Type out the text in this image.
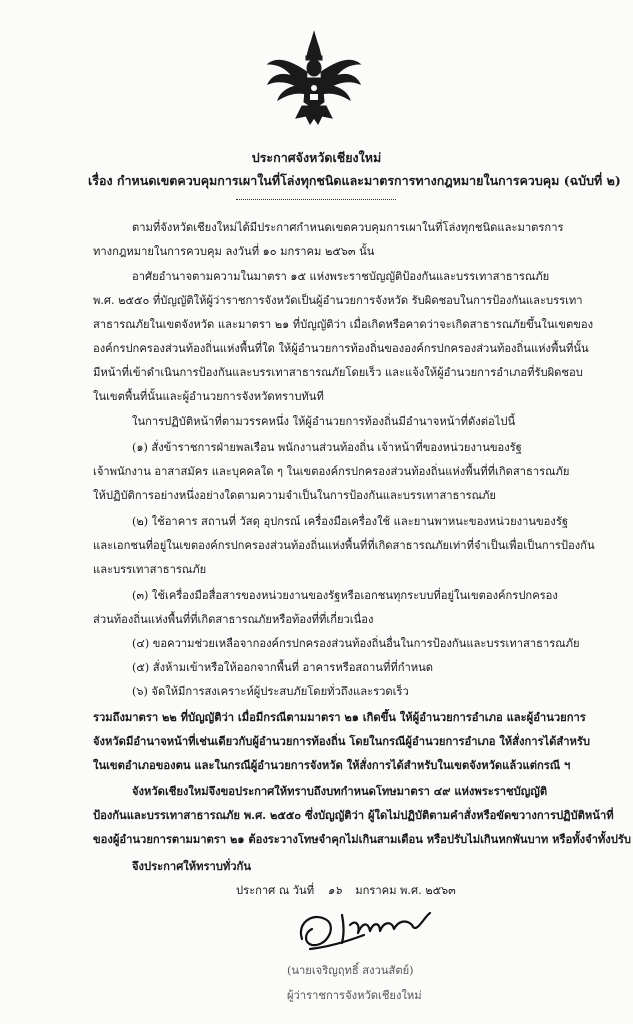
ประกาศจังหวัดเชียงใหม่
เรื่อง กำหนดเขตควบคุมการเผาในที่โล่งทุกชนิดและมาตรการทางกฎหมายในการควบคุม (ฉบับที่ ๒)
ตามที่จังหวัดเชียงใหม่ได้มีประกาศกำหนดเขตควบคุมการเผาในที่โล่งทุกชนิดและมาตรการ
ทางกฎหมายในการควบคุม ลงวันที่ ๑๐ มกราคม ๒๕๖๓ นั้น
อาศัยอำนาจตามความในมาตรา ๑๕ แห่งพระราชบัญญัติป้องกันและบรรเทาสาธารณภัย
พ.ศ. ๒๕๕๐ ที่บัญญัติให้ผู้ว่าราชการจังหวัดเป็นผู้อำนวยการจังหวัด รับผิดชอบในการป้องกันและบรรเทา
สาธารณภัยในเขตจังหวัด และมาตรา ๒๑ ที่บัญญัติว่า เมื่อเกิดหรือคาดว่าจะเกิดสาธารณภัยขึ้นในเขตของ
องค์กรปกครองส่วนท้องถิ่นแห่งพื้นที่ใด ให้ผู้อำนวยการท้องถิ่นขององค์กรปกครองส่วนท้องถิ่นแห่งพื้นที่นั้น
มีหน้าที่เข้าดำเนินการป้องกันและบรรเทาสาธารณภัยโดยเร็ว และแจ้งให้ผู้อำนวยการอำเภอที่รับผิดชอบ
ในเขตพื้นที่นั้นและผู้อำนวยการจังหวัดทราบทันที
ในการปฏิบัติหน้าที่ตามวรรคหนึ่ง ให้ผู้อำนวยการท้องถิ่นมีอำนาจหน้าที่ดังต่อไปนี้
(๑) สั่งข้าราชการฝ่ายพลเรือน พนักงานส่วนท้องถิ่น เจ้าหน้าที่ของหน่วยงานของรัฐ
เจ้าพนักงาน อาสาสมัคร และบุคคลใด ๆ ในเขตองค์กรปกครองส่วนท้องถิ่นแห่งพื้นที่ที่เกิดสาธารณภัย
ให้ปฏิบัติการอย่างหนึ่งอย่างใดตามความจำเป็นในการป้องกันและบรรเทาสาธารณภัย
(๒) ใช้อาคาร สถานที่ วัสดุ อุปกรณ์ เครื่องมือเครื่องใช้ และยานพาหนะของหน่วยงานของรัฐ
และเอกชนที่อยู่ในเขตองค์กรปกครองส่วนท้องถิ่นแห่งพื้นที่ที่เกิดสาธารณภัยเท่าที่จำเป็นเพื่อเป็นการป้องกัน
และบรรเทาสาธารณภัย
(๓) ใช้เครื่องมือสื่อสารของหน่วยงานของรัฐหรือเอกชนทุกระบบที่อยู่ในเขตองค์กรปกครอง
ส่วนท้องถิ่นแห่งพื้นที่ที่เกิดสาธารณภัยหรือท้องที่ที่เกี่ยวเนื่อง
(๔) ขอความช่วยเหลือจากองค์กรปกครองส่วนท้องถิ่นอื่นในการป้องกันและบรรเทาสาธารณภัย
(๕) สั่งห้ามเข้าหรือให้ออกจากพื้นที่ อาคารหรือสถานที่ที่กำหนด
(๖) จัดให้มีการสงเคราะห์ผู้ประสบภัยโดยทั่วถึงและรวดเร็ว
รวมถึงมาตรา ๒๒ ที่บัญญัติว่า เมื่อมีกรณีตามมาตรา ๒๑ เกิดขึ้น ให้ผู้อำนวยการอำเภอ และผู้อำนวยการ
จังหวัดมีอำนาจหน้าที่เช่นเดียวกับผู้อำนวยการท้องถิ่น โดยในกรณีผู้อำนวยการอำเภอ ให้สั่งการได้สำหรับ
ในเขตอำเภอของตน และในกรณีผู้อำนวยการจังหวัด ให้สั่งการได้สำหรับในเขตจังหวัดแล้วแต่กรณี ฯ
จังหวัดเชียงใหม่จึงขอประกาศให้ทราบถึงบทกำหนดโทษมาตรา ๔๙ แห่งพระราชบัญญัติ
ป้องกันและบรรเทาสาธารณภัย พ.ศ. ๒๕๕๐ ซึ่งบัญญัติว่า ผู้ใดไม่ปฏิบัติตามคำสั่งหรือขัดขวางการปฏิบัติหน้าที่
ของผู้อำนวยการตามมาตรา ๒๑ ต้องระวางโทษจำคุกไม่เกินสามเดือน หรือปรับไม่เกินหกพันบาท หรือทั้งจำทั้งปรับ
จึงประกาศให้ทราบทั่วกัน
ประกาศ ณ วันที่ ๑๖ มกราคม พ.ศ. ๒๕๖๓
(นายเจริญฤทธิ์ สงวนสัตย์)
ผู้ว่าราชการจังหวัดเชียงใหม่
